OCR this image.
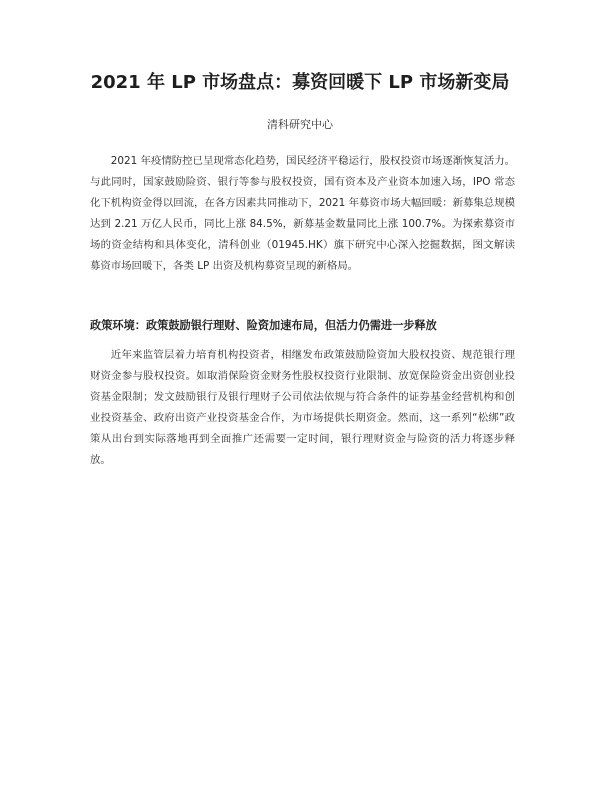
2021 年 LP 市场盘点：募资回暖下 LP 市场新变局
清科研究中心

2021 年疫情防控已呈现常态化趋势，国民经济平稳运行，股权投资市场逐渐恢复活力。与此同时，国家鼓励险资、银行等参与股权投资，国有资本及产业资本加速入场，IPO 常态化下机构资金得以回流，在各方因素共同推动下，2021 年募资市场大幅回暖：新募集总规模达到 2.21 万亿人民币，同比上涨 84.5%，新募基金数量同比上涨 100.7%。为探索募资市场的资金结构和具体变化，清科创业（01945.HK）旗下研究中心深入挖掘数据，图文解读募资市场回暖下，各类 LP 出资及机构募资呈现的新格局。

政策环境：政策鼓励银行理财、险资加速布局，但活力仍需进一步释放

近年来监管层着力培育机构投资者，相继发布政策鼓励险资加大股权投资、规范银行理财资金参与股权投资。如取消保险资金财务性股权投资行业限制、放宽保险资金出资创业投资基金限制；发文鼓励银行及银行理财子公司依法依规与符合条件的证券基金经营机构和创业投资基金、政府出资产业投资基金合作，为市场提供长期资金。然而，这一系列“松绑”政策从出台到实际落地再到全面推广还需要一定时间，银行理财资金与险资的活力将逐步释放。
